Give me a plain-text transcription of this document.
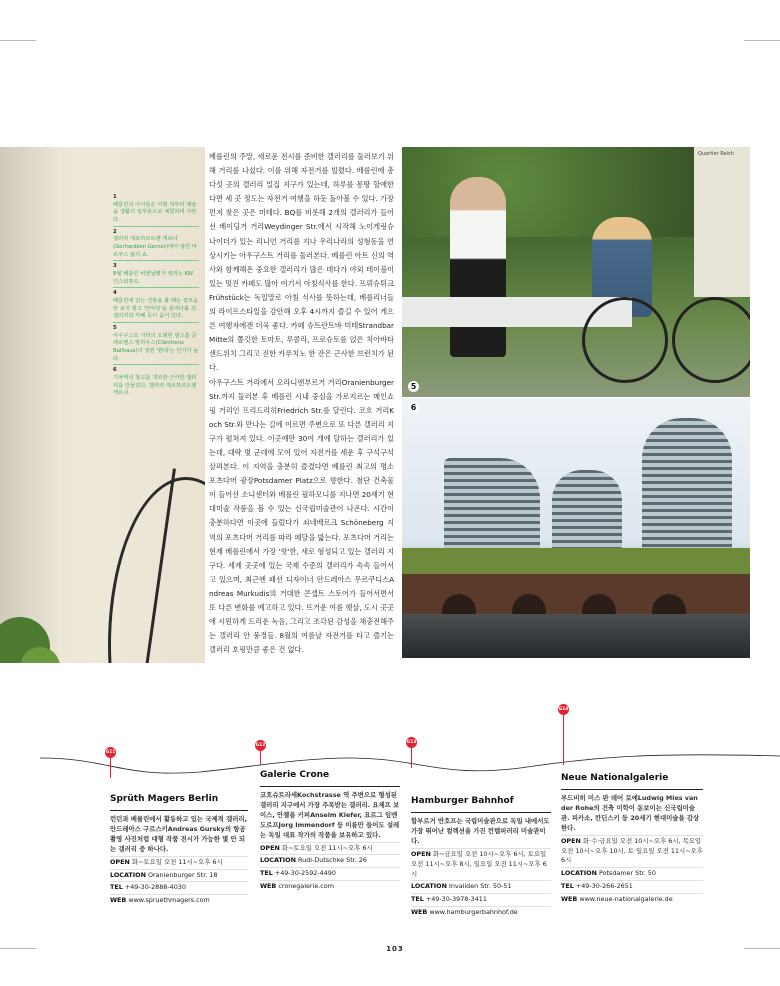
1
베를린의 아이들은 어릴 적부터 예술을 생활의 일부분으로 체험하며 자란다.
2
갤러리 게르하르트젠 게르너(Gerhardsen Gerner)에서 열린 마르쿠스 슐의 쇼.
3
8월 베를린 비엔날레가 열리는 KW 인스티튜트.
4
베를린에 있는 건물을 볼 때는 겉모습만 보지 말고 '안마당'을 들여다볼 것. 갤러리와 카페 등이 숨어 있다.
5
아우구스트 거리의 오래된 댄스홀 클레르헨스 발하우스(Clärchens Ballhaus)의 정원 '렌데'는 인기가 높다.
6
기차역의 창고를 개조한 근사한 갤러리를 만들었다. 갤러리 게르하르트젠 게르너.

베를린의 주말, 새로운 전시를 준비한 갤러리를 둘러보기 위해 거리를 나섰다. 이를 위해 자전거를 빌렸다. 베를린에 총 다섯 곳의 갤러리 밀집 지구가 있는데, 하루를 몽땅 할애한다면 세 곳 정도는 자전거 여행을 하듯 돌아볼 수 있다. 가장 먼저 찾은 곳은 미테다. BQ를 비롯해 2개의 갤러리가 들어선 베이딩거 거리Weydinger Str.에서 시작해 노이게링슈나이더가 있는 리니언 거리를 지나 우리나라의 성형동을 연상시키는 아우구스트 거리를 둘러본다. 베를린 아트 신의 역사와 함께해온 중요한 갤러리가 많은 데다가 야외 테이블이 있는 멋진 카페도 많아 여기서 아침식사를 한다. 프뤼슈튀크Frühstück는 독일말로 아침 식사를 뜻하는데, 베를리너들의 라이프스타일을 감안해 오후 4시까지 즐길 수 있어 게으른 여행자에겐 더욱 좋다. 카페 슈트란트바 미테Strandbar Mitte의 쫄깃한 토마토, 루콜라, 프로슈토를 얹은 치아바타 샌드위치 그리고 진한 카푸치노 한 잔은 근사한 브런치가 된다.

아우구스트 거리에서 오라니엔부르거 거리Oranienburger Str.까지 둘러본 후 베를린 시내 중심을 가로지르는 메인쇼핑 거리인 프리드리히Friedrich Str.를 달린다. 코흐 거리Koch Str.와 만나는 길에 이르면 주변으로 또 다른 갤러리 지구가 펼쳐져 있다. 이곳에만 30여 개에 달하는 갤러리가 있는데, 대략 몇 군데에 모여 있어 자전거를 세운 후 구석구석 살펴본다. 이 지역을 충분히 즐겼다면 베를린 최고의 명소 포츠다머 광장Potsdamer Platz으로 향한다. 첨단 건축물이 들어선 소니센터와 베를린 필하모니를 지나면 20세기 현대미술 작품을 볼 수 있는 신국립미술관이 나온다. 시간이 충분하다면 이곳에 들렀다가 쇠네베르크 Schöneberg 지역의 포츠다머 거리를 따라 페달을 밟는다. 포츠다머 거리는 현재 베를린에서 가장 '핫'한, 새로 형성되고 있는 갤러리 지구다. 세계 곳곳에 있는 국제 수준의 갤러리가 속속 들어서고 있으며, 최근엔 패션 디자이너 안드레아스 무르쿠디스Andreas Murkudis의 거대한 콘셉트 스토어가 들어서면서 또 다른 변화를 예고하고 있다. 뜨거운 여름 햇살, 도시 곳곳에 시원하게 드리운 녹음, 그리고 조각된 감성을 채충전해주는 갤러리 안 풍경들. 8월의 여름날 자전거를 타고 즐기는 갤러리 호핑만큼 좋은 건 없다.

Quartier Reich
5
6
G11
G12
G13
G14
Sprüth Magers Berlin
런던과 베를린에서 활동하고 있는 국제적 갤러리, 안드레아스 구르스키Andreas Gursky의 항공 촬영 사진처럼 대형 작품 전시가 가능한 몇 안 되는 갤러리 중 하나다.
OPEN 화~토요일 오전 11시~오후 6시
LOCATION Oranienburger Str. 18
TEL +49-30-2888-4030
WEB www.spruethmagers.com
Galerie Crone
코흐슈트라세Kochstrasse 역 주변으로 형성된 갤러리 지구에서 가장 주목받는 갤러리. 요제프 보이스, 안젤름 키퍼Anselm Kiefer, 요르그 임멘도르프Jorg Immendorf 등 이름만 들어도 설레는 독일 대표 작가의 작품을 보유하고 있다.
OPEN 화~토요일 오전 11시~오후 6시
LOCATION Rudi-Dutschke Str. 26
TEL +49-30-2592-4490
WEB cronegalerie.com
Hamburger Bahnhof
함부르거 반호프는 국립미술관으로 독일 내에서도 가장 뛰어난 컬렉션을 가진 컨템퍼러리 미술관이다.
OPEN 화~금요일 오전 10시~오후 6시, 토요일 오전 11시~오후 8시, 일요일 오전 11시~오후 6시
LOCATION Invaliden Str. 50-51
TEL +49-30-3978-3411
WEB www.hamburgerbahnhof.de
Neue Nationalgalerie
루드비히 미스 판 데어 로에Ludwig Mies van der Rohe의 건축 미학이 돋보이는 신국립미술관. 피카소, 칸딘스키 등 20세기 현대미술을 감상한다.
OPEN 화·수·금요일 오전 10시~오후 6시, 목요일 오전 10시~오후 10시, 토·일요일 오전 11시~오후 6시
LOCATION Potsdamer Str. 50
TEL +49-30-266-2651
WEB www.neue-nationalgalerie.de
103
